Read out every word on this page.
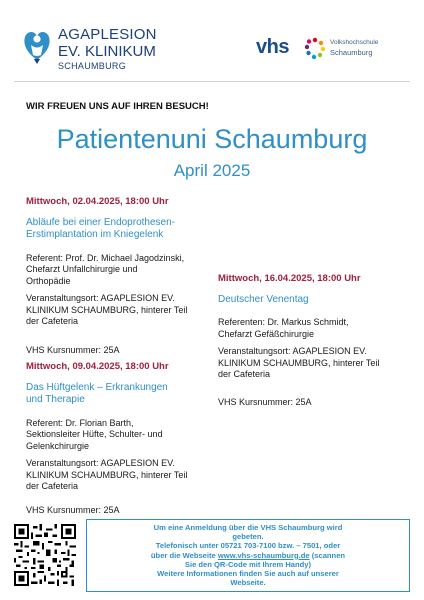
AGAPLESION
EV. KLINIKUM
SCHAUMBURG
vhs	Volkshochschule
Schaumburg
WIR FREUEN UNS AUF IHREN BESUCH!
Patientenuni Schaumburg
April 2025
Mittwoch, 02.04.2025, 18:00 Uhr
Abläufe bei einer Endoprothesen-
Erstimplantation im Kniegelenk
Referent: Prof. Dr. Michael Jagodzinski,
Chefarzt Unfallchirurgie und
Orthopädie
Veranstaltungsort: AGAPLESION EV.
KLINIKUM SCHAUMBURG, hinterer Teil
der Cafeteria
VHS Kursnummer: 25A
Mittwoch, 16.04.2025, 18:00 Uhr
Deutscher Venentag
Referenten: Dr. Markus Schmidt,
Chefarzt Gefäßchirurgie
Veranstaltungsort: AGAPLESION EV.
KLINIKUM SCHAUMBURG, hinterer Teil
der Cafeteria
VHS Kursnummer: 25A
Mittwoch, 09.04.2025, 18:00 Uhr
Das Hüftgelenk – Erkrankungen
und Therapie
Referent: Dr. Florian Barth,
Sektionsleiter Hüfte, Schulter- und
Gelenkchirurgie
Veranstaltungsort: AGAPLESION EV.
KLINIKUM SCHAUMBURG, hinterer Teil
der Cafeteria
VHS Kursnummer: 25A
Um eine Anmeldung über die VHS Schaumburg wird
gebeten.
Telefonisch unter 05721 703-7100 bzw. – 7501, oder
über die Webseite www.vhs-schaumburg.de (scannen
Sie den QR-Code mit Ihrem Handy)
Weitere Informationen finden Sie auch auf unserer
Webseite.
